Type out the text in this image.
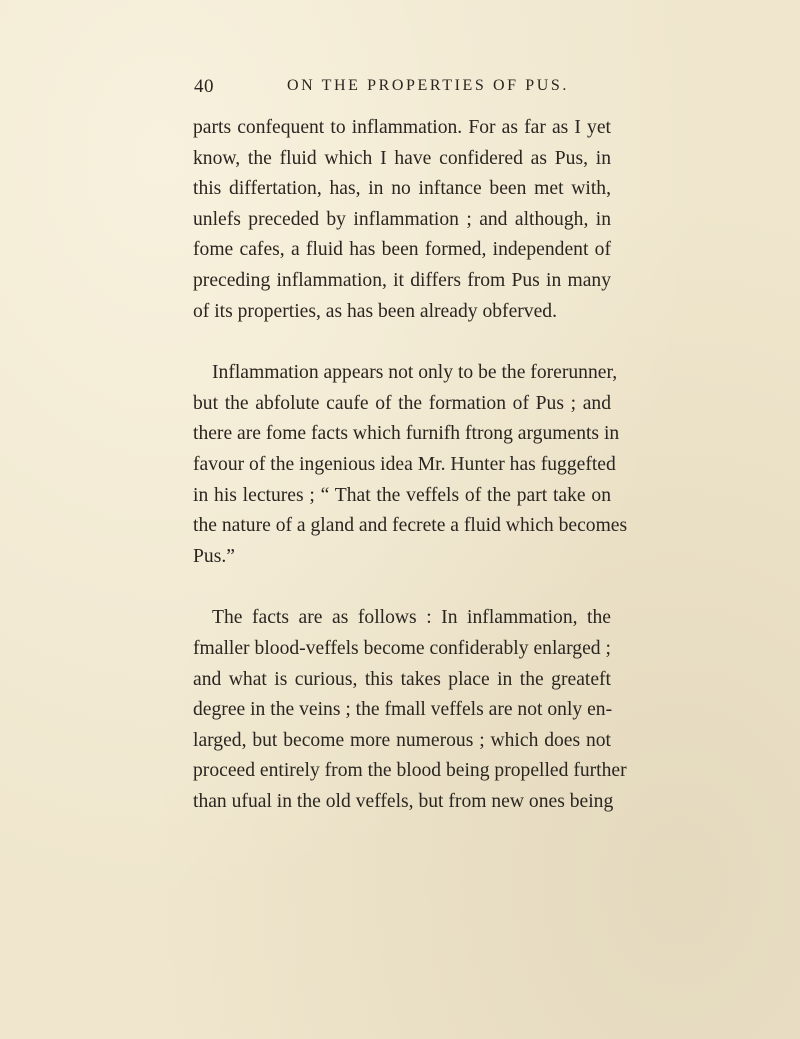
40	ON THE PROPERTIES OF PUS.
parts confequent to inflammation. For as far as I yet
know, the fluid which I have confidered as Pus, in
this differtation, has, in no inftance been met with,
unlefs preceded by inflammation ; and although, in
fome cafes, a fluid has been formed, independent of
preceding inflammation, it differs from Pus in many
of its properties, as has been already obferved.
Inflammation appears not only to be the forerunner,
but the abfolute caufe of the formation of Pus ; and
there are fome facts which furnifh ftrong arguments in
favour of the ingenious idea Mr. Hunter has fuggefted
in his lectures ; “ That the veffels of the part take on
the nature of a gland and fecrete a fluid which becomes
Pus.”
The facts are as follows : In inflammation, the
fmaller blood-veffels become confiderably enlarged ;
and what is curious, this takes place in the greateft
degree in the veins ; the fmall veffels are not only en-
larged, but become more numerous ; which does not
proceed entirely from the blood being propelled further
than ufual in the old veffels, but from new ones being
